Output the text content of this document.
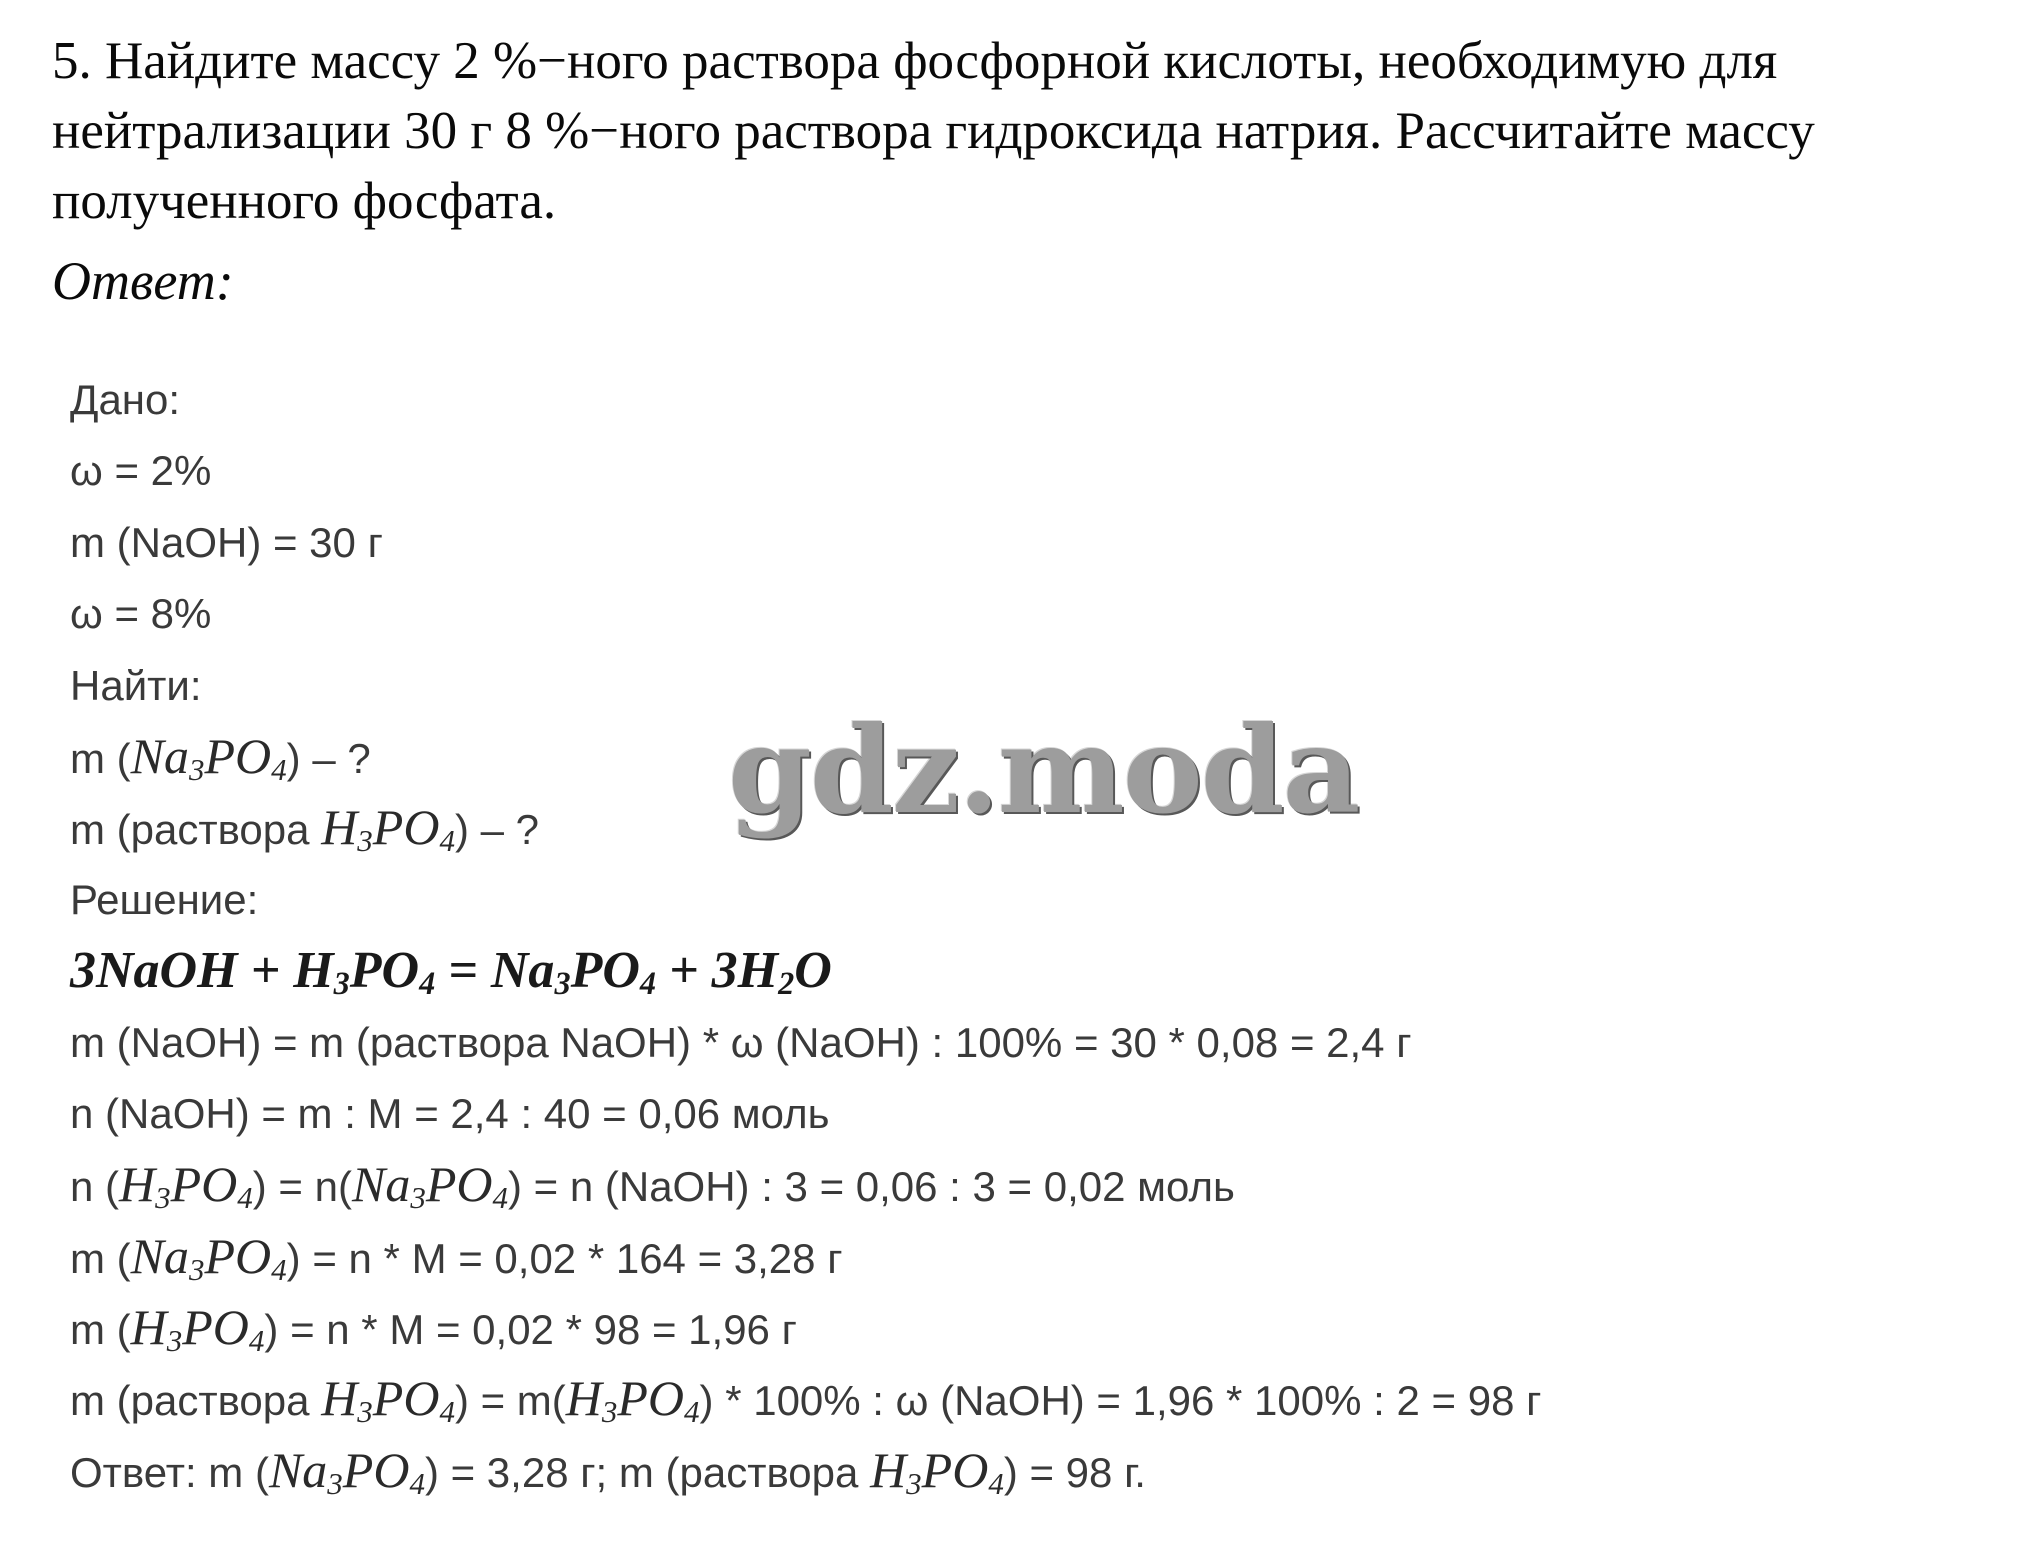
5. Найдите массу 2 %−ного раствора фосфорной кислоты, необходимую для нейтрализации 30 г 8 %−ного раствора гидроксида натрия. Рассчитайте массу полученного фосфата.
Ответ:
Дано:
ω = 2%
m (NaOH) = 30 г
ω = 8%
Найти:
m $(Na_3PO_4)$ – ?
m (раствора $H_3PO_4$) – ?
Решение:
3NaOH + $H_3PO_4 = Na_3PO_4 + 3H_2O$
m (NaOH) = m (раствора NaOH) * ω (NaOH) : 100% = 30 * 0,08 = 2,4 г
n (NaOH) = m : M = 2,4 : 40 = 0,06 моль
n $(H_3PO_4) = n(Na_3PO_4) = n$ (NaOH) : 3 = 0,06 : 3 = 0,02 моль
m $(Na_3PO_4) = n * M = 0,02 * 164 = 3,28$ г
m $(H_3PO_4) = n * M = 0,02 * 98 = 1,96$ г
m (раствора $H_3PO_4) = m(H_3PO_4) * 100\%$ : ω (NaOH) = 1,96 * 100% : 2 = 98 г
Ответ: m $(Na_3PO_4) = 3,28$ г; m (раствора $H_3PO_4) = 98$ г.
gdz.moda
